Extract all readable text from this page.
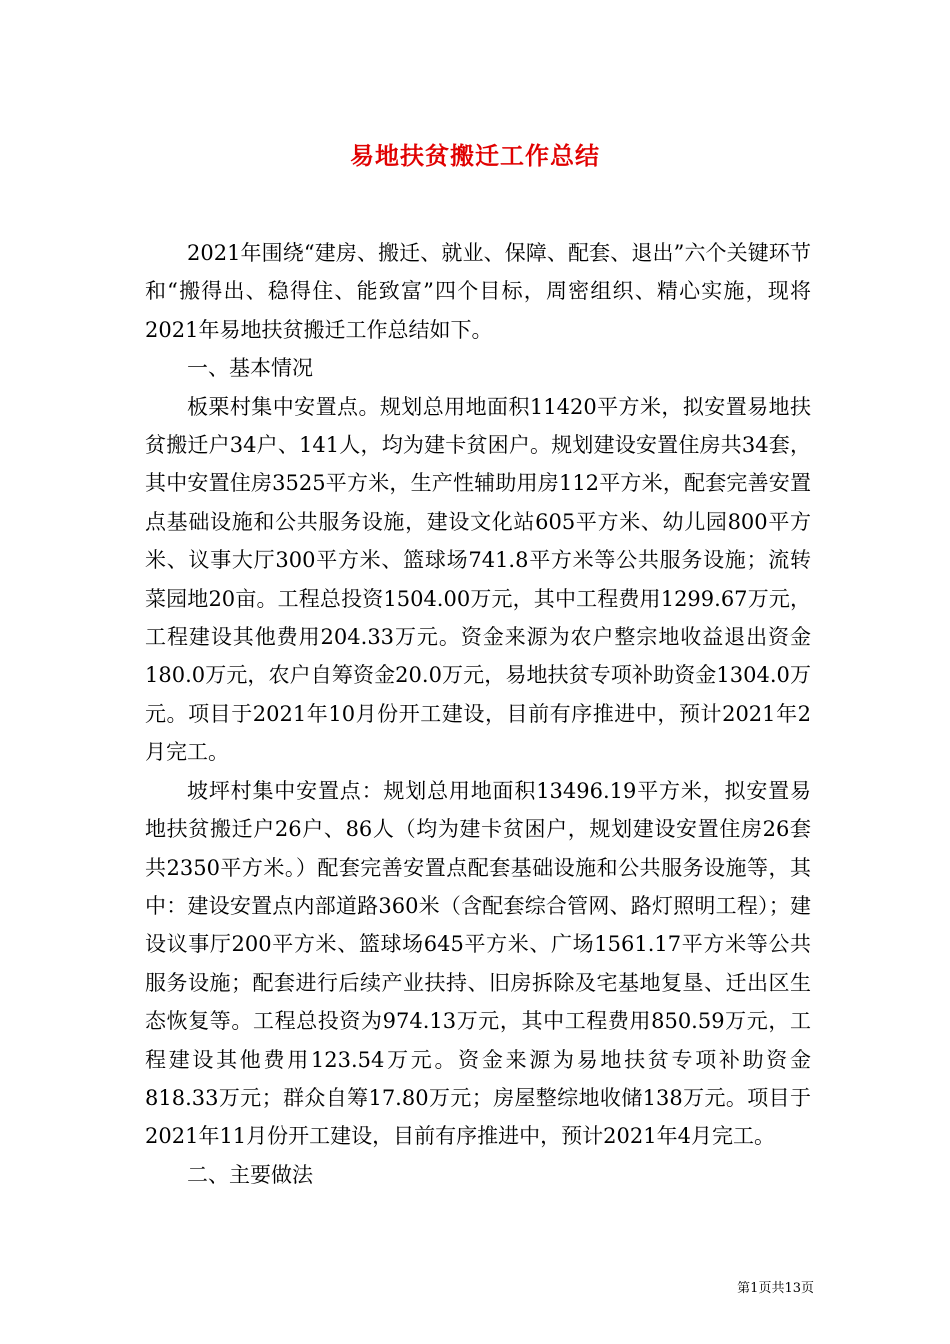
易地扶贫搬迁工作总结

2021年围绕“建房、搬迁、就业、保障、配套、退出”六个关键环节和“搬得出、稳得住、能致富”四个目标，周密组织、精心实施，现将2021年易地扶贫搬迁工作总结如下。

一、基本情况

板栗村集中安置点。规划总用地面积11420平方米，拟安置易地扶贫搬迁户34户、141人，均为建卡贫困户。规划建设安置住房共34套，其中安置住房3525平方米，生产性辅助用房112平方米，配套完善安置点基础设施和公共服务设施，建设文化站605平方米、幼儿园800平方米、议事大厅300平方米、篮球场741.8平方米等公共服务设施；流转菜园地20亩。工程总投资1504.00万元，其中工程费用1299.67万元，工程建设其他费用204.33万元。资金来源为农户整宗地收益退出资金180.0万元，农户自筹资金20.0万元，易地扶贫专项补助资金1304.0万元。项目于2021年10月份开工建设，目前有序推进中，预计2021年2月完工。

坡坪村集中安置点：规划总用地面积13496.19平方米，拟安置易地扶贫搬迁户26户、86人（均为建卡贫困户，规划建设安置住房26套共2350平方米。）配套完善安置点配套基础设施和公共服务设施等，其中：建设安置点内部道路360米（含配套综合管网、路灯照明工程）；建设议事厅200平方米、篮球场645平方米、广场1561.17平方米等公共服务设施；配套进行后续产业扶持、旧房拆除及宅基地复垦、迁出区生态恢复等。工程总投资为974.13万元，其中工程费用850.59万元，工程建设其他费用123.54万元。资金来源为易地扶贫专项补助资金818.33万元；群众自筹17.80万元；房屋整综地收储138万元。项目于2021年11月份开工建设，目前有序推进中，预计2021年4月完工。

二、主要做法

第1页共13页
